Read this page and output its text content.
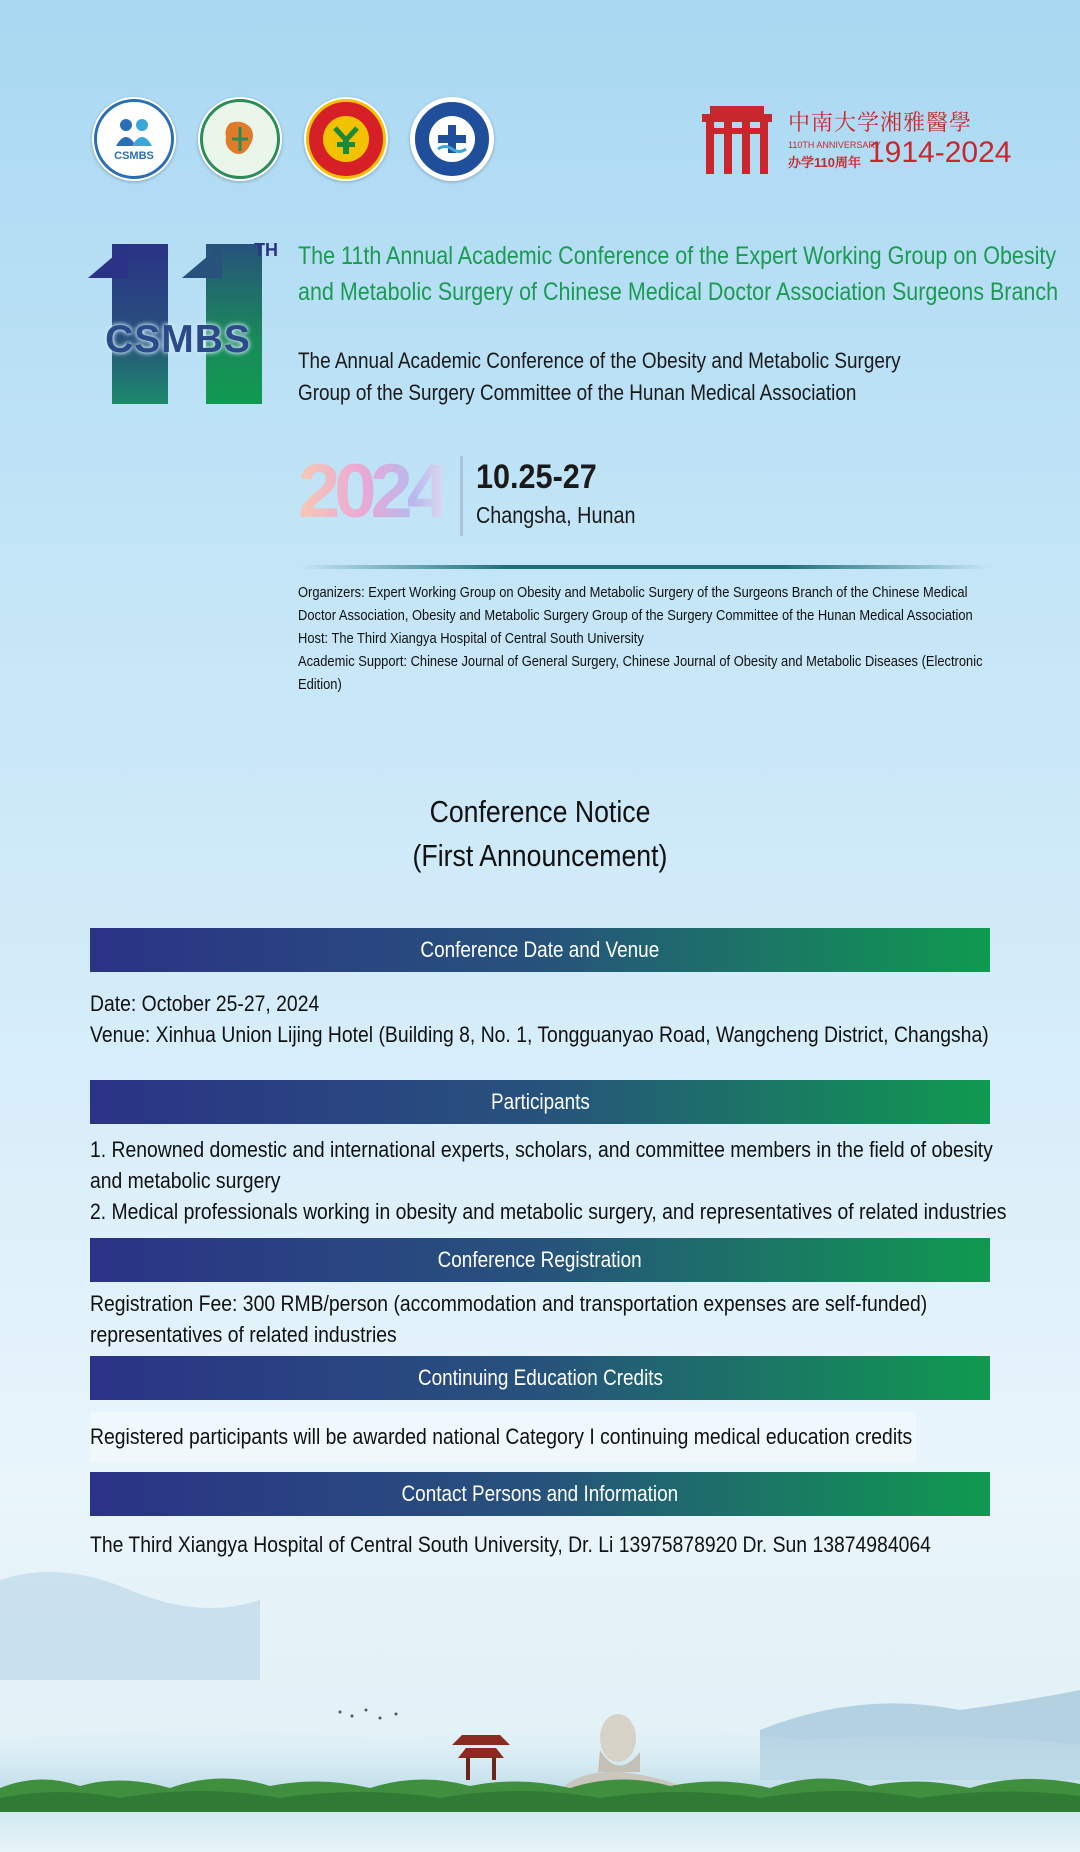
CSMBS
中南大学湘雅醫學
110TH ANNIVERSARY
办学110周年 1914-2024
TH
CSMBS
The 11th Annual Academic Conference of the Expert Working Group on Obesity
and Metabolic Surgery of Chinese Medical Doctor Association Surgeons Branch
The Annual Academic Conference of the Obesity and Metabolic Surgery
Group of the Surgery Committee of the Hunan Medical Association
2024 10.25-27
Changsha, Hunan
Organizers: Expert Working Group on Obesity and Metabolic Surgery of the Surgeons Branch of the Chinese Medical
Doctor Association, Obesity and Metabolic Surgery Group of the Surgery Committee of the Hunan Medical Association
Host: The Third Xiangya Hospital of Central South University
Academic Support: Chinese Journal of General Surgery, Chinese Journal of Obesity and Metabolic Diseases (Electronic
Edition)
Conference Notice
(First Announcement)
Conference Date and Venue
Date: October 25-27, 2024
Venue: Xinhua Union Lijing Hotel (Building 8, No. 1, Tongguanyao Road, Wangcheng District, Changsha)
Participants
1. Renowned domestic and international experts, scholars, and committee members in the field of obesity
and metabolic surgery
2. Medical professionals working in obesity and metabolic surgery, and representatives of related industries
Conference Registration
Registration Fee: 300 RMB/person (accommodation and transportation expenses are self-funded)
representatives of related industries
Continuing Education Credits
Registered participants will be awarded national Category I continuing medical education credits
Contact Persons and Information
The Third Xiangya Hospital of Central South University, Dr. Li 13975878920 Dr. Sun 13874984064
